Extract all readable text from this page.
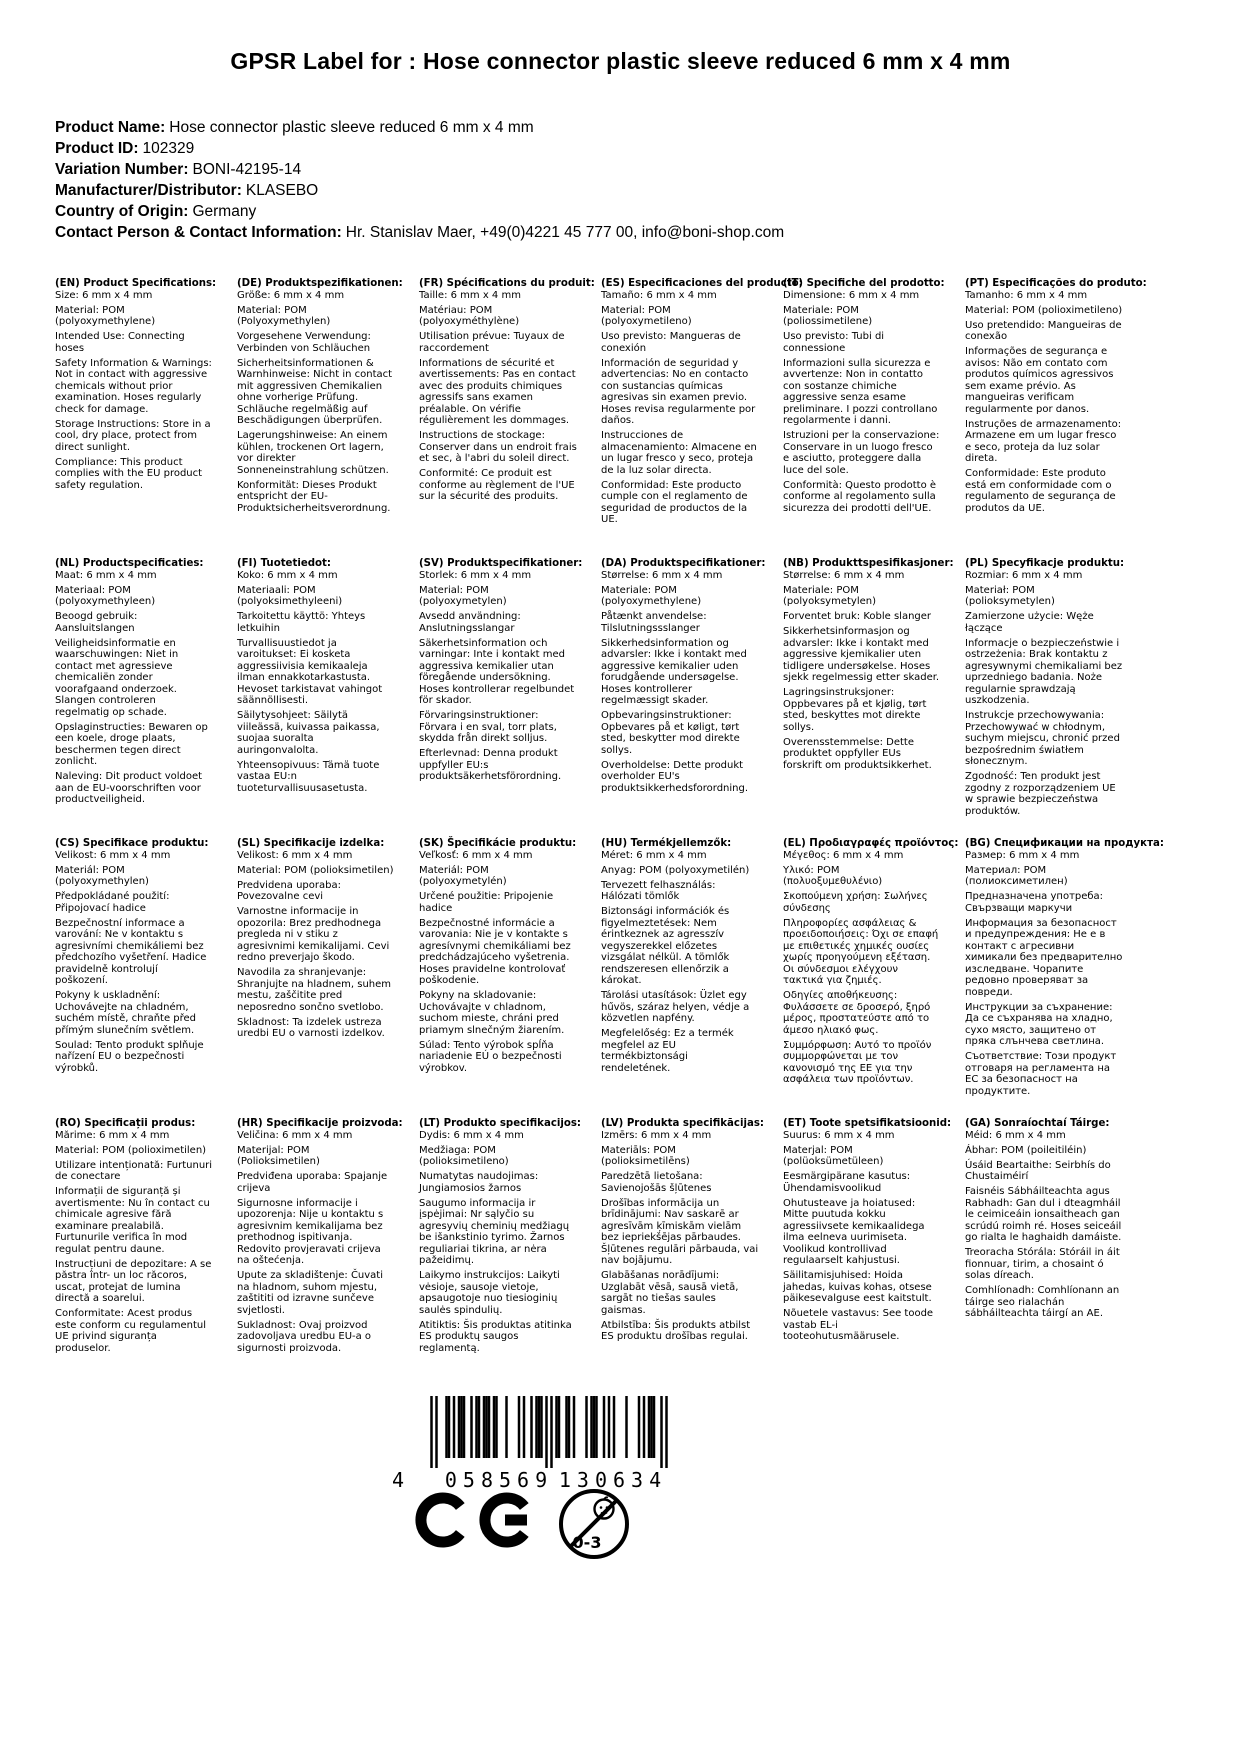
GPSR Label for : Hose connector plastic sleeve reduced 6 mm x 4 mm
Product Name: Hose connector plastic sleeve reduced 6 mm x 4 mm
Product ID: 102329
Variation Number: BONI-42195-14
Manufacturer/Distributor: KLASEBO
Country of Origin: Germany
Contact Person & Contact Information: Hr. Stanislav Maer, +49(0)4221 45 777 00, info@boni-shop.com
(EN) Product Specifications:

Size: 6 mm x 4 mm

Material: POM (polyoxymethylene)

Intended Use: Connecting hoses

Safety Information & Warnings: Not in contact with aggressive chemicals without prior examination. Hoses regularly check for damage.

Storage Instructions: Store in a cool, dry place, protect from direct sunlight.

Compliance: This product complies with the EU product safety regulation.

(DE) Produktspezifikationen:

Größe: 6 mm x 4 mm

Material: POM (Polyoxymethylen)

Vorgesehene Verwendung: Verbinden von Schläuchen

Sicherheitsinformationen & Warnhinweise: Nicht in contact mit aggressiven Chemikalien ohne vorherige Prüfung. Schläuche regelmäßig auf Beschädigungen überprüfen.

Lagerungshinweise: An einem kühlen, trockenen Ort lagern, vor direkter Sonneneinstrahlung schützen.

Konformität: Dieses Produkt entspricht der EU-Produktsicherheitsverordnung.

(FR) Spécifications du produit:

Taille: 6 mm x 4 mm

Matériau: POM (polyoxyméthylène)

Utilisation prévue: Tuyaux de raccordement

Informations de sécurité et avertissements: Pas en contact avec des produits chimiques agressifs sans examen préalable. On vérifie régulièrement les dommages.

Instructions de stockage: Conserver dans un endroit frais et sec, à l'abri du soleil direct.

Conformité: Ce produit est conforme au règlement de l'UE sur la sécurité des produits.

(ES) Especificaciones del producto:

Tamaño: 6 mm x 4 mm

Material: POM (polyoxymetileno)

Uso previsto: Mangueras de conexión

Información de seguridad y advertencias: No en contacto con sustancias químicas agresivas sin examen previo. Hoses revisa regularmente por daños.

Instrucciones de almacenamiento: Almacene en un lugar fresco y seco, proteja de la luz solar directa.

Conformidad: Este producto cumple con el reglamento de seguridad de productos de la UE.

(IT) Specifiche del prodotto:

Dimensione: 6 mm x 4 mm

Materiale: POM (poliossimetilene)

Uso previsto: Tubi di connessione

Informazioni sulla sicurezza e avvertenze: Non in contatto con sostanze chimiche aggressive senza esame preliminare. I pozzi controllano regolarmente i danni.

Istruzioni per la conservazione: Conservare in un luogo fresco e asciutto, proteggere dalla luce del sole.

Conformità: Questo prodotto è conforme al regolamento sulla sicurezza dei prodotti dell'UE.

(PT) Especificações do produto:

Tamanho: 6 mm x 4 mm

Material: POM (polioximetileno)

Uso pretendido: Mangueiras de conexão

Informações de segurança e avisos: Não em contato com produtos químicos agressivos sem exame prévio. As mangueiras verificam regularmente por danos.

Instruções de armazenamento: Armazene em um lugar fresco e seco, proteja da luz solar direta.

Conformidade: Este produto está em conformidade com o regulamento de segurança de produtos da UE.

(NL) Productspecificaties:

Maat: 6 mm x 4 mm

Materiaal: POM (polyoxymethyleen)

Beoogd gebruik: Aansluitslangen

Veiligheidsinformatie en waarschuwingen: Niet in contact met agressieve chemicaliën zonder voorafgaand onderzoek. Slangen controleren regelmatig op schade.

Opslaginstructies: Bewaren op een koele, droge plaats, beschermen tegen direct zonlicht.

Naleving: Dit product voldoet aan de EU-voorschriften voor productveiligheid.

(FI) Tuotetiedot:

Koko: 6 mm x 4 mm

Materiaali: POM (polyoksimethyleeni)

Tarkoitettu käyttö: Yhteys letkuihin

Turvallisuustiedot ja varoitukset: Ei kosketa aggressiivisia kemikaaleja ilman ennakkotarkastusta. Hevoset tarkistavat vahingot säännöllisesti.

Säilytysohjeet: Säilytä viileässä, kuivassa paikassa, suojaa suoralta auringonvalolta.

Yhteensopivuus: Tämä tuote vastaa EU:n tuoteturvallisuusasetusta.

(SV) Produktspecifikationer:

Storlek: 6 mm x 4 mm

Material: POM (polyoxymetylen)

Avsedd användning: Anslutningsslangar

Säkerhetsinformation och varningar: Inte i kontakt med aggressiva kemikalier utan föregående undersökning. Hoses kontrollerar regelbundet för skador.

Förvaringsinstruktioner: Förvara i en sval, torr plats, skydda från direkt solljus.

Efterlevnad: Denna produkt uppfyller EU:s produktsäkerhetsförordning.

(DA) Produktspecifikationer:

Størrelse: 6 mm x 4 mm

Materiale: POM (polyoxymethylene)

Påtænkt anvendelse: Tilslutningssslanger

Sikkerhedsinformation og advarsler: Ikke i kontakt med aggressive kemikalier uden forudgående undersøgelse. Hoses kontrollerer regelmæssigt skader.

Opbevaringsinstruktioner: Opbevares på et køligt, tørt sted, beskytter mod direkte sollys.

Overholdelse: Dette produkt overholder EU's produktsikkerhedsforordning.

(NB) Produkttspesifikasjoner:

Størrelse: 6 mm x 4 mm

Materiale: POM (polyoksymetylen)

Forventet bruk: Koble slanger

Sikkerhetsinformasjon og advarsler: Ikke i kontakt med aggressive kjemikalier uten tidligere undersøkelse. Hoses sjekk regelmessig etter skader.

Lagringsinstruksjoner: Oppbevares på et kjølig, tørt sted, beskyttes mot direkte sollys.

Overensstemmelse: Dette produktet oppfyller EUs forskrift om produktsikkerhet.

(PL) Specyfikacje produktu:

Rozmiar: 6 mm x 4 mm

Materiał: POM (polioksymetylen)

Zamierzone użycie: Węże łączące

Informacje o bezpieczeństwie i ostrzeżenia: Brak kontaktu z agresywnymi chemikaliami bez uprzedniego badania. Noże regularnie sprawdzają uszkodzenia.

Instrukcje przechowywania: Przechowywać w chłodnym, suchym miejscu, chronić przed bezpośrednim światłem słonecznym.

Zgodność: Ten produkt jest zgodny z rozporządzeniem UE w sprawie bezpieczeństwa produktów.

(CS) Specifikace produktu:

Velikost: 6 mm x 4 mm

Materiál: POM (polyoxymethylen)

Předpokládané použití: Připojovací hadice

Bezpečnostní informace a varování: Ne v kontaktu s agresivními chemikáliemi bez předchozího vyšetření. Hadice pravidelně kontrolují poškození.

Pokyny k uskladnění: Uchovávejte na chladném, suchém místě, chraňte před přímým slunečním světlem.

Soulad: Tento produkt splňuje nařízení EU o bezpečnosti výrobků.

(SL) Specifikacije izdelka:

Velikost: 6 mm x 4 mm

Material: POM (polioksimetilen)

Predvidena uporaba: Povezovalne cevi

Varnostne informacije in opozorila: Brez predhodnega pregleda ni v stiku z agresivnimi kemikalijami. Cevi redno preverjajo škodo.

Navodila za shranjevanje: Shranjujte na hladnem, suhem mestu, zaščitite pred neposredno sončno svetlobo.

Skladnost: Ta izdelek ustreza uredbi EU o varnosti izdelkov.

(SK) Špecifikácie produktu:

Veľkosť: 6 mm x 4 mm

Materiál: POM (polyoxymetylén)

Určené použitie: Pripojenie hadice

Bezpečnostné informácie a varovania: Nie je v kontakte s agresívnymi chemikáliami bez predchádzajúceho vyšetrenia. Hoses pravidelne kontrolovať poškodenie.

Pokyny na skladovanie: Uchovávajte v chladnom, suchom mieste, chráni pred priamym slnečným žiarením.

Súlad: Tento výrobok spĺňa nariadenie EÚ o bezpečnosti výrobkov.

(HU) Termékjellemzők:

Méret: 6 mm x 4 mm

Anyag: POM (polyoxymetilén)

Tervezett felhasználás: Hálózati tömlők

Biztonsági információk és figyelmeztetések: Nem érintkeznek az agresszív vegyszerekkel előzetes vizsgálat nélkül. A tömlők rendszeresen ellenőrzik a károkat.

Tárolási utasítások: Üzlet egy hűvös, száraz helyen, védje a közvetlen napfény.

Megfelelőség: Ez a termék megfelel az EU termékbiztonsági rendeletének.

(EL) Προδιαγραφές προϊόντος:

Μέγεθος: 6 mm x 4 mm

Υλικό: POM (πολυοξυμεθυλένιο)

Σκοπούμενη χρήση: Σωλήνες σύνδεσης

Πληροφορίες ασφάλειας & προειδοποιήσεις: Όχι σε επαφή με επιθετικές χημικές ουσίες χωρίς προηγούμενη εξέταση. Οι σύνδεσμοι ελέγχουν τακτικά για ζημιές.

Οδηγίες αποθήκευσης: Φυλάσσετε σε δροσερό, ξηρό μέρος, προστατεύστε από το άμεσο ηλιακό φως.

Συμμόρφωση: Αυτό το προϊόν συμμορφώνεται με τον κανονισμό της ΕΕ για την ασφάλεια των προϊόντων.

(BG) Спецификации на продукта:

Размер: 6 mm x 4 mm

Материал: POM (полиоксиметилен)

Предназначена употреба: Свързващи маркучи

Информация за безопасност и предупреждения: Не е в контакт с агресивни химикали без предварително изследване. Чорапите редовно проверяват за повреди.

Инструкции за съхранение: Да се съхранява на хладно, сухо място, защитено от пряка слънчева светлина.

Съответствие: Този продукт отговаря на регламента на ЕС за безопасност на продуктите.

(RO) Specificații produs:

Mărime: 6 mm x 4 mm

Material: POM (polioximetilen)

Utilizare intenționată: Furtunuri de conectare

Informații de siguranță și avertismente: Nu în contact cu chimicale agresive fără examinare prealabilă. Furtunurile verifica în mod regulat pentru daune.

Instrucțiuni de depozitare: A se păstra într- un loc răcoros, uscat, protejat de lumina directă a soarelui.

Conformitate: Acest produs este conform cu regulamentul UE privind siguranța produselor.

(HR) Specifikacije proizvoda:

Veličina: 6 mm x 4 mm

Materijal: POM (Polioksimetilen)

Predviđena uporaba: Spajanje crijeva

Sigurnosne informacije i upozorenja: Nije u kontaktu s agresivnim kemikalijama bez prethodnog ispitivanja. Redovito provjeravati crijeva na oštećenja.

Upute za skladištenje: Čuvati na hladnom, suhom mjestu, zaštititi od izravne sunčeve svjetlosti.

Sukladnost: Ovaj proizvod zadovoljava uredbu EU-a o sigurnosti proizvoda.

(LT) Produkto specifikacijos:

Dydis: 6 mm x 4 mm

Medžiaga: POM (polioksimetileno)

Numatytas naudojimas: Jungiamosios žarnos

Saugumo informacija ir įspėjimai: Nr sąlyčio su agresyvių cheminių medžiagų be išankstinio tyrimo. Žarnos reguliariai tikrina, ar nėra pažeidimų.

Laikymo instrukcijos: Laikyti vėsioje, sausoje vietoje, apsaugotoje nuo tiesioginių saulės spindulių.

Atitiktis: Šis produktas atitinka ES produktų saugos reglamentą.

(LV) Produkta specifikācijas:

Izmērs: 6 mm x 4 mm

Materiāls: POM (polioksimetilēns)

Paredzētā lietošana: Savienojošās šļūtenes

Drošības informācija un brīdinājumi: Nav saskarē ar agresīvām ķīmiskām vielām bez iepriekšējas pārbaudes. Šļūtenes regulāri pārbauda, vai nav bojājumu.

Glabāšanas norādījumi: Uzglabāt vēsā, sausā vietā, sargāt no tiešas saules gaismas.

Atbilstība: Šis produkts atbilst ES produktu drošības regulai.

(ET) Toote spetsifikatsioonid:

Suurus: 6 mm x 4 mm

Materjal: POM (polüoksümetüleen)

Eesmärgipärane kasutus: Ühendamisvoolikud

Ohutusteave ja hoiatused: Mitte puutuda kokku agressiivsete kemikaalidega ilma eelneva uurimiseta. Voolikud kontrollivad regulaarselt kahjustusi.

Säilitamisjuhised: Hoida jahedas, kuivas kohas, otsese päikesevalguse eest kaitstult.

Nõuetele vastavus: See toode vastab EL-i tooteohutusmäärusele.

(GA) Sonraíochtaí Táirge:

Méid: 6 mm x 4 mm

Ábhar: POM (poileitiléin)

Úsáid Beartaithe: Seirbhís do Chustaiméirí

Faisnéis Sábháilteachta agus Rabhadh: Gan dul i dteagmháil le ceimiceáin ionsaitheach gan scrúdú roimh ré. Hoses seiceáil go rialta le haghaidh damáiste.

Treoracha Stórála: Stóráil in áit fionnuar, tirim, a chosaint ó solas díreach.

Comhlíonadh: Comhlíonann an táirge seo rialachán sábháilteachta táirgí an AE.

4 058569 130634
0-3
